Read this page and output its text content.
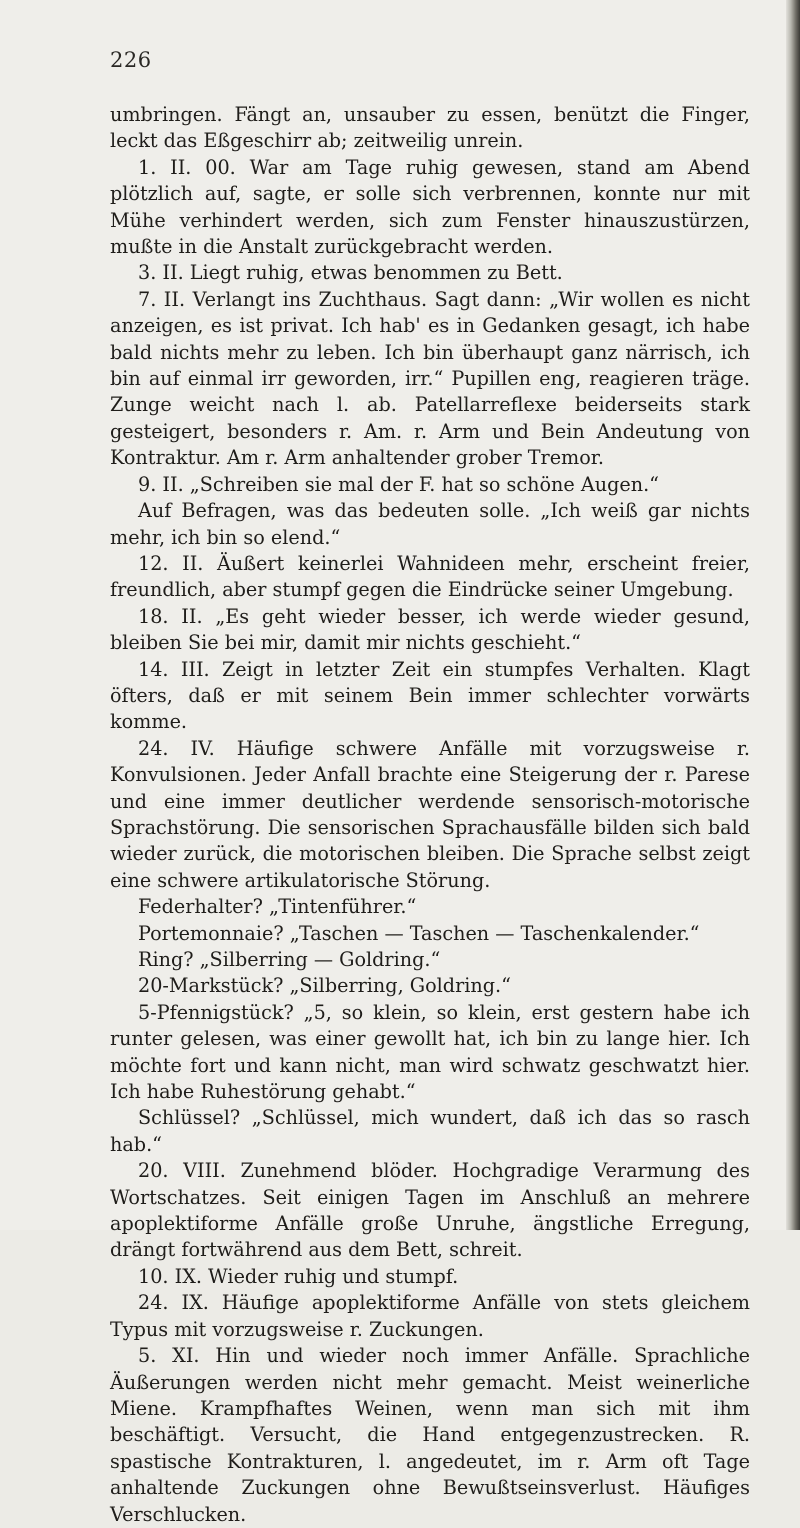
226

umbringen. Fängt an, unsauber zu essen, benützt die Finger, leckt das Eßgeschirr ab; zeitweilig unrein.

1. II. 00. War am Tage ruhig gewesen, stand am Abend plötzlich auf, sagte, er solle sich verbrennen, konnte nur mit Mühe verhindert werden, sich zum Fenster hinauszustürzen, mußte in die Anstalt zurückgebracht werden.

3. II. Liegt ruhig, etwas benommen zu Bett.

7. II. Verlangt ins Zuchthaus. Sagt dann: „Wir wollen es nicht anzeigen, es ist privat. Ich hab' es in Gedanken gesagt, ich habe bald nichts mehr zu leben. Ich bin überhaupt ganz närrisch, ich bin auf einmal irr geworden, irr.“ Pupillen eng, reagieren träge. Zunge weicht nach l. ab. Patellarreflexe beiderseits stark gesteigert, besonders r. Am. r. Arm und Bein Andeutung von Kontraktur. Am r. Arm anhaltender grober Tremor.

9. II. „Schreiben sie mal der F. hat so schöne Augen.“

Auf Befragen, was das bedeuten solle. „Ich weiß gar nichts mehr, ich bin so elend.“

12. II. Äußert keinerlei Wahnideen mehr, erscheint freier, freundlich, aber stumpf gegen die Eindrücke seiner Umgebung.

18. II. „Es geht wieder besser, ich werde wieder gesund, bleiben Sie bei mir, damit mir nichts geschieht.“

14. III. Zeigt in letzter Zeit ein stumpfes Verhalten. Klagt öfters, daß er mit seinem Bein immer schlechter vorwärts komme.

24. IV. Häufige schwere Anfälle mit vorzugsweise r. Konvulsionen. Jeder Anfall brachte eine Steigerung der r. Parese und eine immer deutlicher werdende sensorisch-motorische Sprachstörung. Die sensorischen Sprachausfälle bilden sich bald wieder zurück, die motorischen bleiben. Die Sprache selbst zeigt eine schwere artikulatorische Störung.

Federhalter? „Tintenführer.“

Portemonnaie? „Taschen — Taschen — Taschenkalender.“

Ring? „Silberring — Goldring.“

20-Markstück? „Silberring, Goldring.“

5-Pfennigstück? „5, so klein, so klein, erst gestern habe ich runter gelesen, was einer gewollt hat, ich bin zu lange hier. Ich möchte fort und kann nicht, man wird schwatz geschwatzt hier. Ich habe Ruhestörung gehabt.“

Schlüssel? „Schlüssel, mich wundert, daß ich das so rasch hab.“

20. VIII. Zunehmend blöder. Hochgradige Verarmung des Wortschatzes. Seit einigen Tagen im Anschluß an mehrere apoplektiforme Anfälle große Unruhe, ängstliche Erregung, drängt fortwährend aus dem Bett, schreit.

10. IX. Wieder ruhig und stumpf.

24. IX. Häufige apoplektiforme Anfälle von stets gleichem Typus mit vorzugsweise r. Zuckungen.

5. XI. Hin und wieder noch immer Anfälle. Sprachliche Äußerungen werden nicht mehr gemacht. Meist weinerliche Miene. Krampfhaftes Weinen, wenn man sich mit ihm beschäftigt. Versucht, die Hand entgegenzustrecken. R. spastische Kontrakturen, l. angedeutet, im r. Arm oft Tage anhaltende Zuckungen ohne Bewußtseinsverlust. Häufiges Verschlucken.
